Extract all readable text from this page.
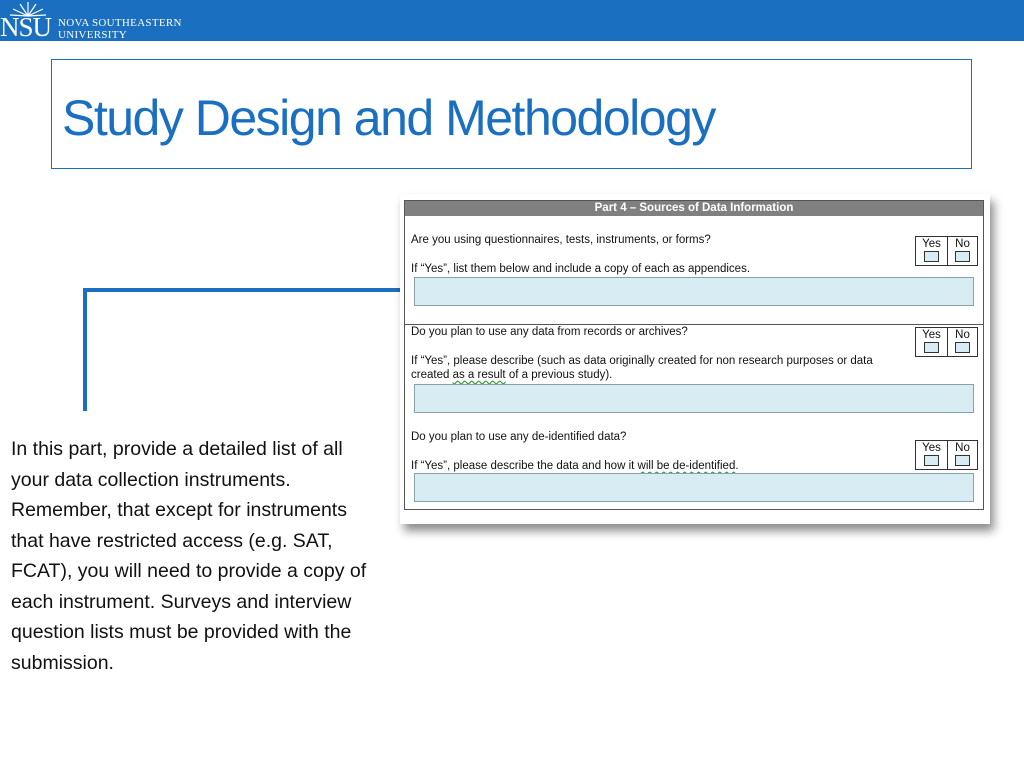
NSU NOVA SOUTHEASTERN
UNIVERSITY
Study Design and Methodology

In this part, provide a detailed list of all your data collection instruments. Remember, that except for instruments that have restricted access (e.g. SAT, FCAT), you will need to provide a copy of each instrument. Surveys and interview question lists must be provided with the submission.

Part 4 – Sources of Data Information

Are you using questionnaires, tests, instruments, or forms?

If “Yes”, list them below and include a copy of each as appendices.

Yes	No

Do you plan to use any data from records or archives?

If “Yes”, please describe (such as data originally created for non research purposes or data created as a result of a previous study).

Yes	No

Do you plan to use any de-identified data?

If “Yes”, please describe the data and how it will be de-identified.

Yes	No
